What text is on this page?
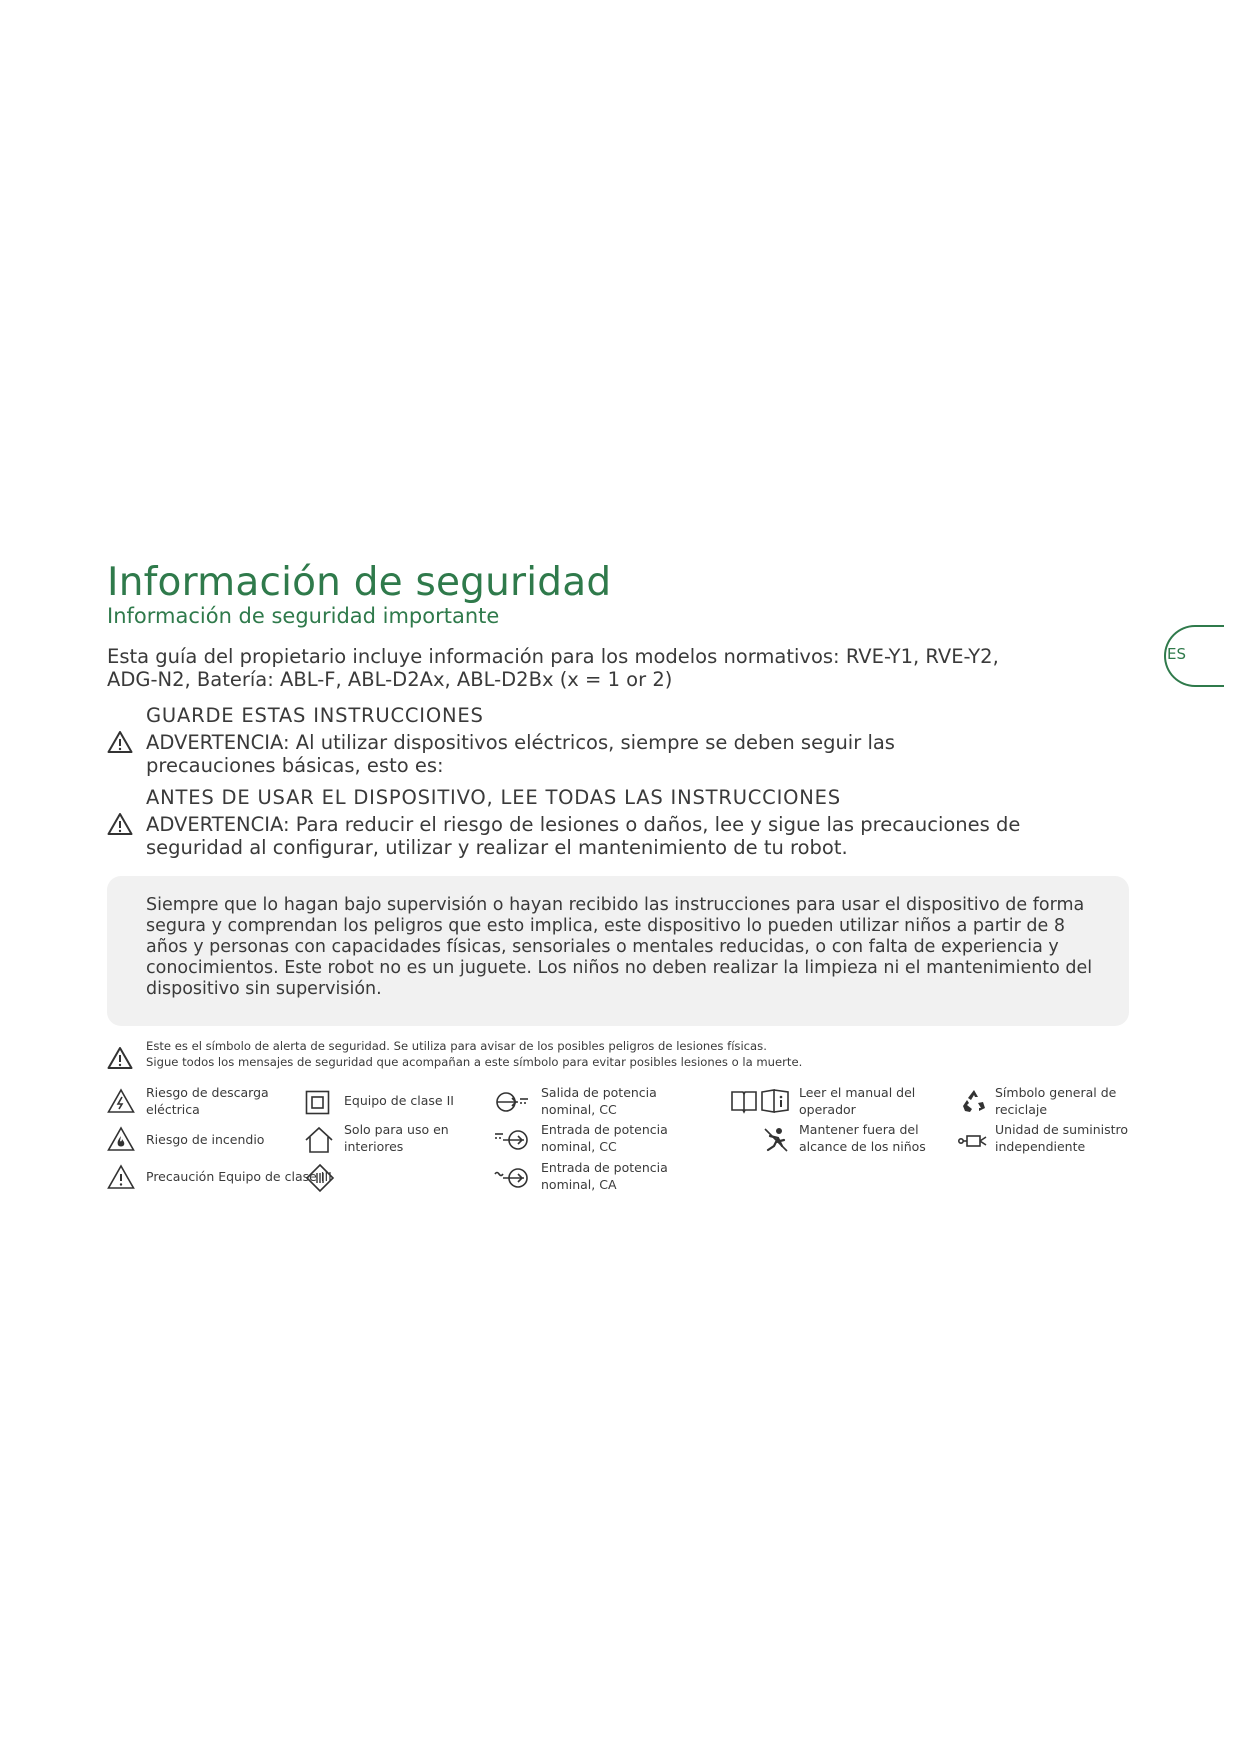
Información de seguridad
Información de seguridad importante
Esta guía del propietario incluye información para los modelos normativos: RVE-Y1, RVE-Y2, ADG-N2, Batería: ABL-F, ABL-D2Ax, ABL-D2Bx (x = 1 or 2)
ES
GUARDE ESTAS INSTRUCCIONES
ADVERTENCIA: Al utilizar dispositivos eléctricos, siempre se deben seguir las precauciones básicas, esto es:
ANTES DE USAR EL DISPOSITIVO, LEE TODAS LAS INSTRUCCIONES
ADVERTENCIA: Para reducir el riesgo de lesiones o daños, lee y sigue las precauciones de seguridad al configurar, utilizar y realizar el mantenimiento de tu robot.
Siempre que lo hagan bajo supervisión o hayan recibido las instrucciones para usar el dispositivo de forma segura y comprendan los peligros que esto implica, este dispositivo lo pueden utilizar niños a partir de 8 años y personas con capacidades físicas, sensoriales o mentales reducidas, o con falta de experiencia y conocimientos. Este robot no es un juguete. Los niños no deben realizar la limpieza ni el mantenimiento del dispositivo sin supervisión.
Este es el símbolo de alerta de seguridad. Se utiliza para avisar de los posibles peligros de lesiones físicas.
Sigue todos los mensajes de seguridad que acompañan a este símbolo para evitar posibles lesiones o la muerte.
Riesgo de descarga eléctrica
Riesgo de incendio
Precaución Equipo de clase III
Equipo de clase II
Solo para uso en interiores
Salida de potencia nominal, CC
Entrada de potencia nominal, CC
Entrada de potencia nominal, CA
Leer el manual del operador
Mantener fuera del alcance de los niños
Símbolo general de reciclaje
Unidad de suministro independiente
